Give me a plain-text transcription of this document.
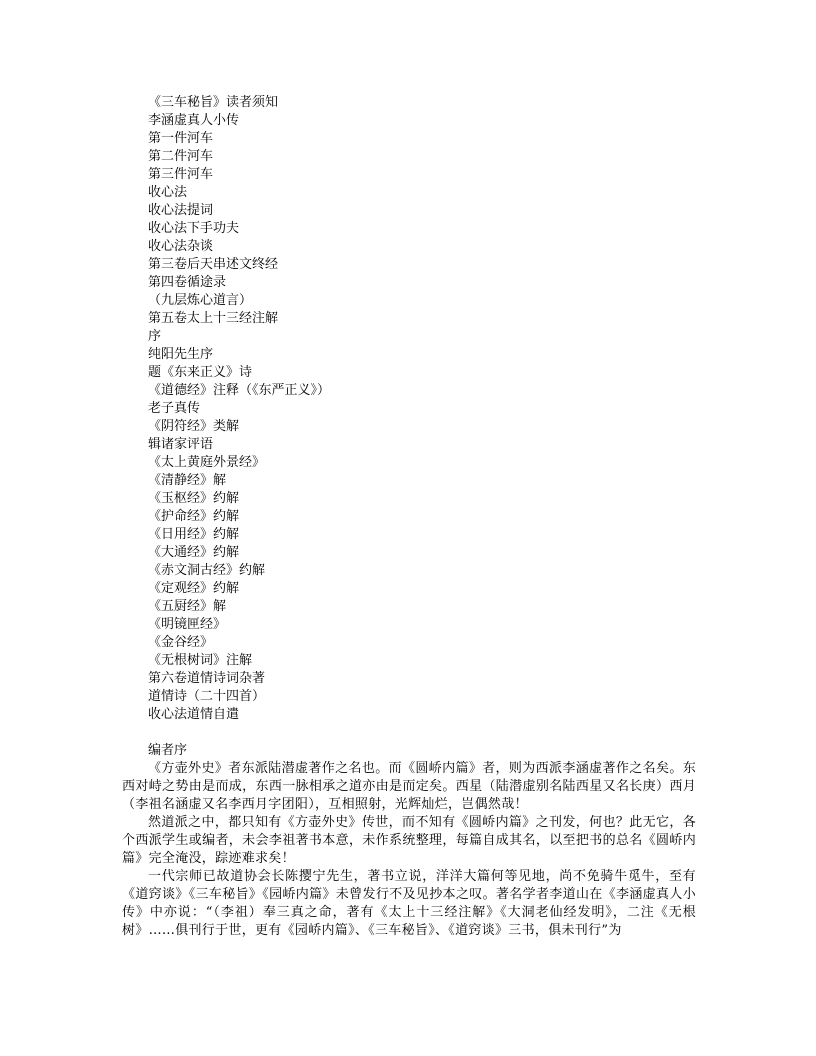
《三车秘旨》读者须知
李涵虚真人小传
第一件河车
第二件河车
第三件河车
收心法
收心法提词
收心法下手功夫
收心法杂谈
第三卷后天串述文终经
第四卷循途录
（九层炼心道言）
第五卷太上十三经注解
序
纯阳先生序
题《东来正义》诗
《道德经》注释（《东严正义》）
老子真传
《阴符经》类解
辑诸家评语
《太上黄庭外景经》
《清静经》解
《玉枢经》约解
《护命经》约解
《日用经》约解
《大通经》约解
《赤文洞古经》约解
《定观经》约解
《五厨经》解
《明镜匣经》
《金谷经》
《无根树词》注解
第六卷道情诗词杂著
道情诗（二十四首）
收心法道情自遣
编者序

《方壶外史》者东派陆潜虚著作之名也。而《圆峤内篇》者，则为西派李涵虚著作之名矣。东西对峙之势由是而成，东西一脉相承之道亦由是而定矣。西星（陆潜虚别名陆西星又名长庚）西月（李祖名涵虚又名李西月字团阳），互相照射，光辉灿烂，岂偶然哉！

然道派之中，都只知有《方壶外史》传世，而不知有《圆峤内篇》之刊发，何也？此无它，各个西派学生或编者，未会李祖著书本意，未作系统整理，每篇自成其名，以至把书的总名《圆峤内篇》完全淹没，踪迹难求矣！

一代宗师已故道协会长陈撄宁先生，著书立说，洋洋大篇何等见地，尚不免骑牛觅牛，至有《道窍谈》《三车秘旨》《园峤内篇》未曾发行不及见抄本之叹。著名学者李道山在《李涵虚真人小传》中亦说：“（李祖）奉三真之命，著有《太上十三经注解》《大洞老仙经发明》，二注《无根树》……俱刊行于世，更有《园峤内篇》、《三车秘旨》、《道窍谈》三书，俱未刊行”为
